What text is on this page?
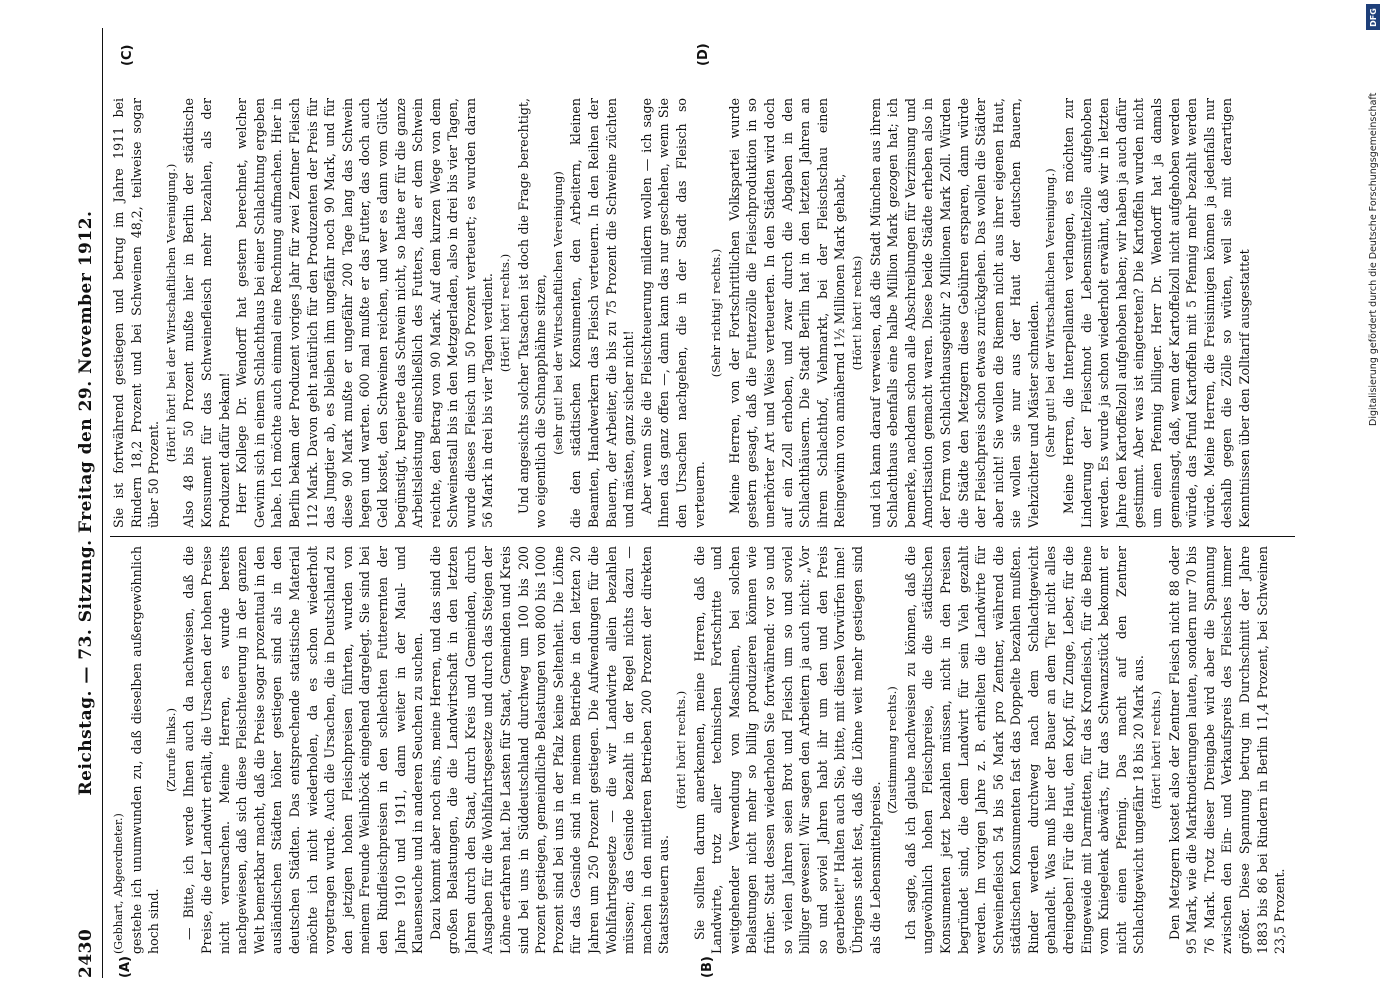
2430
Reichstag. — 73. Sitzung. Freitag den 29. November 1912.
(A)	(B)
(C)	(D)

(Gebhart, Abgeordneter.) gestehe ich unumwunden zu, daß dieselben außergewöhnlich hoch sind.

(Zurufe links.) — Bitte, ich werde Ihnen auch da nachweisen, daß die Preise, die der Landwirt erhält, die Ursachen der hohen Preise nicht verursachen. Meine Herren, es wurde bereits nachgewiesen, daß sich diese Fleischteuerung in der ganzen Welt bemerkbar macht, daß die Preise sogar prozentual in den ausländischen Städten höher gestiegen sind als in den deutschen Städten. Das entsprechende statistische Material möchte ich nicht wiederholen, da es schon wiederholt vorgetragen wurde. Auch die Ursachen, die in Deutschland zu den jetzigen hohen Fleischpreisen führten, wurden von meinem Freunde Weilnböck eingehend dargelegt. Sie sind bei den Rindfleischpreisen in den schlechten Futterernten der Jahre 1910 und 1911, dann weiter in der Maul- und Klauenseuche und in anderen Seuchen zu suchen. Dazu kommt aber noch eins, meine Herren, und das sind die großen Belastungen, die die Landwirtschaft in den letzten Jahren durch den Staat, durch Kreis und Gemeinden, durch Ausgaben für die Wohlfahrtsgesetze und durch das Steigen der Löhne erfahren hat. Die Lasten für Staat, Gemeinden und Kreis sind bei uns in Süddeutschland durchweg um 100 bis 200 Prozent gestiegen, gemeindliche Belastungen von 800 bis 1000 Prozent sind bei uns in der Pfalz keine Seltenheit. Die Löhne für das Gesinde sind in meinem Betriebe in den letzten 20 Jahren um 250 Prozent gestiegen. Die Aufwendungen für die Wohlfahrtsgesetze — die wir Landwirte allein bezahlen müssen; das Gesinde bezahlt in der Regel nichts dazu — machen in den mittleren Betrieben 200 Prozent der direkten Staatssteuern aus.

(Hört! hört! rechts.) Sie sollten darum anerkennen, meine Herren, daß die Landwirte, trotz aller technischen Fortschritte und weitgehender Verwendung von Maschinen, bei solchen Belastungen nicht mehr so billig produzieren können wie früher. Statt dessen wiederholen Sie fortwährend: vor so und so vielen Jahren seien Brot und Fleisch um so und soviel billiger gewesen! Wir sagen den Arbeitern ja auch nicht: „Vor so und soviel Jahren habt ihr um den und den Preis gearbeitet!" Halten auch Sie, bitte, mit diesen Vorwürfen inne! Übrigens steht fest, daß die Löhne weit mehr gestiegen sind als die Lebensmittelpreise.

(Zustimmung rechts.) Ich sagte, daß ich glaube nachweisen zu können, daß die ungewöhnlich hohen Fleischpreise, die die städtischen Konsumenten jetzt bezahlen müssen, nicht in den Preisen begründet sind, die dem Landwirt für sein Vieh gezahlt werden. Im vorigen Jahre z. B. erhielten die Landwirte für Schweinefleisch 54 bis 56 Mark pro Zentner, während die städtischen Konsumenten fast das Doppelte bezahlen mußten. Rinder werden durchweg nach dem Schlachtgewicht gehandelt. Was muß hier der Bauer an dem Tier nicht alles dreingeben! Für die Haut, den Kopf, für Zunge, Leber, für die Eingeweide mit Darmfetten, für das Kronfleisch, für die Beine vom Kniegelenk abwärts, für das Schwanzstück bekommt er nicht einen Pfennig. Das macht auf den Zentner Schlachtgewicht ungefähr 18 bis 20 Mark aus. (Hört! hört! rechts.) Den Metzgern kostet also der Zentner Fleisch nicht 88 oder 95 Mark, wie die Marktnotierungen lauten, sondern nur 70 bis 76 Mark. Trotz dieser Dreingabe wird aber die Spannung zwischen den Ein- und Verkaufspreis des Fleisches immer größer. Diese Spannung betrug im Durchschnitt der Jahre 1883 bis 86 bei Rindern in Berlin 11,4 Prozent, bei Schweinen 23,5 Prozent.

Sie ist fortwährend gestiegen und betrug im Jahre 1911 bei Rindern 18,2 Prozent und bei Schweinen 48,2, teilweise sogar über 50 Prozent.

(Hört! hört! bei der Wirtschaftlichen Vereinigung.) Also 48 bis 50 Prozent mußte hier in Berlin der städtische Konsument für das Schweinefleisch mehr bezahlen, als der Produzent dafür bekam! Herr Kollege Dr. Wendorff hat gestern berechnet, welcher Gewinn sich in einem Schlachthaus bei einer Schlachtung ergeben habe. Ich möchte auch einmal eine Rechnung aufmachen. Hier in Berlin bekam der Produzent voriges Jahr für zwei Zentner Fleisch 112 Mark. Davon geht natürlich für den Produzenten der Preis für das Jungtier ab, es bleiben ihm ungefähr noch 90 Mark, und für diese 90 Mark mußte er ungefähr 200 Tage lang das Schwein hegen und warten. 600 mal mußte er das Futter, das doch auch Geld kostet, den Schweinen reichen, und wer es dann vom Glück begünstigt, krepierte das Schwein nicht, so hatte er für die ganze Arbeitsleistung einschließlich des Futters, das er dem Schwein reichte, den Betrag von 90 Mark. Auf dem kurzen Wege von dem Schweinestall bis in den Metzgerladen, also in drei bis vier Tagen, wurde dieses Fleisch um 50 Prozent verteuert; es wurden daran 56 Mark in drei bis vier Tagen verdient. (Hört! hört! rechts.) Und angesichts solcher Tatsachen ist doch die Frage berechtigt, wo eigentlich die Schnapphähne sitzen, (sehr gut! bei der Wirtschaftlichen Vereinigung) die den städtischen Konsumenten, den Arbeitern, kleinen Beamten, Handwerkern das Fleisch verteuern. In den Reihen der Bauern, der Arbeiter, die bis zu 75 Prozent die Schweine züchten und mästen, ganz sicher nicht! Aber wenn Sie die Fleischteuerung mildern wollen — ich sage Ihnen das ganz offen —, dann kann das nur geschehen, wenn Sie den Ursachen nachgehen, die in der Stadt das Fleisch so verteuern.

(Sehr richtig! rechts.) Meine Herren, von der Fortschrittlichen Volkspartei wurde gestern gesagt, daß die Futterzölle die Fleischproduktion in so unerhörter Art und Weise verteuerten. In den Städten wird doch auf ein Zoll erhoben, und zwar durch die Abgaben in den Schlachthäusern. Die Stadt Berlin hat in den letzten Jahren an ihrem Schlachthof, Viehmarkt, bei der Fleischschau einen Reingewinn von annähernd 1½ Millionen Mark gehabt, (Hört! hört! rechts) und ich kann darauf verweisen, daß die Stadt München aus ihrem Schlachthaus ebenfalls eine halbe Million Mark gezogen hat; ich bemerke, nachdem schon alle Abschreibungen für Verzinsung und Amortisation gemacht waren. Diese beide Städte erheben also in der Form von Schlachthausgebühr 2 Millionen Mark Zoll. Würden die Städte den Metzgern diese Gebühren ersparen, dann würde der Fleischpreis schon etwas zurückgehen. Das wollen die Städter aber nicht! Sie wollen die Riemen nicht aus ihrer eigenen Haut, sie wollen sie nur aus der Haut der deutschen Bauern, Viehzüchter und Mäster schneiden. (Sehr gut! bei der Wirtschaftlichen Vereinigung.) Meine Herren, die Interpellanten verlangen, es möchten zur Linderung der Fleischnot die Lebensmittelzölle aufgehoben werden. Es wurde ja schon wiederholt erwähnt, daß wir in letzten Jahre den Kartoffelzoll aufgehoben haben; wir haben ja auch dafür gestimmt. Aber was ist eingetreten? Die Kartoffeln wurden nicht um einen Pfennig billiger. Herr Dr. Wendorff hat ja damals gemeinsagt, daß, wenn der Kartoffelzoll nicht aufgehoben werden würde, das Pfund Kartoffeln mit 5 Pfennig mehr bezahlt werden würde. Meine Herren, die Freisinnigen können ja jedenfalls nur deshalb gegen die Zölle so wüten, weil sie mit derartigen Kenntnissen über den Zolltarif ausgestattet

DFG
Digitalisierung gefördert durch die Deutsche Forschungsgemeinschaft
